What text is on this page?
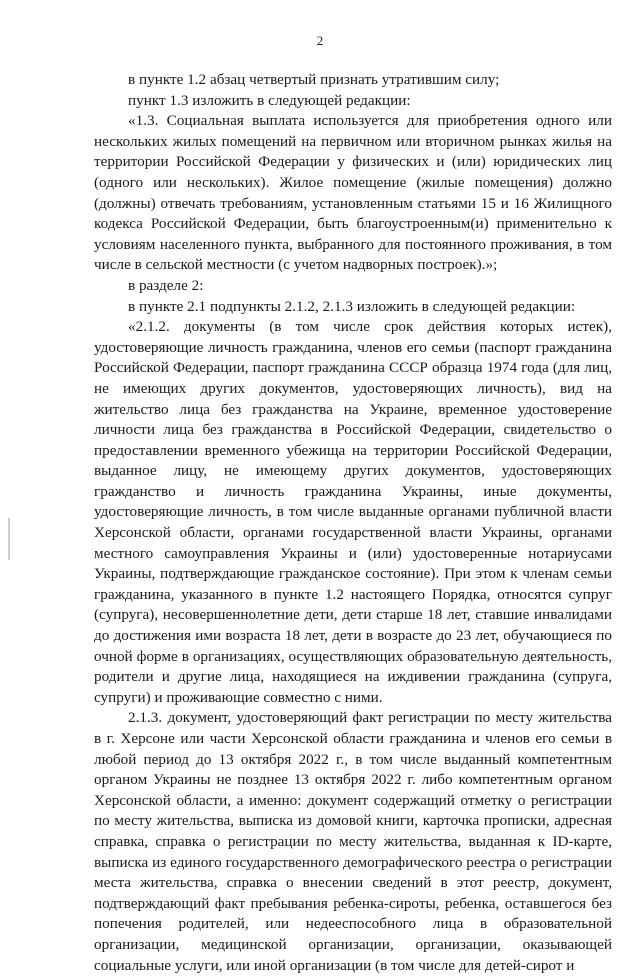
2

в пункте 1.2 абзац четвертый признать утратившим силу;

пункт 1.3 изложить в следующей редакции:

«1.3. Социальная выплата используется для приобретения одного или нескольких жилых помещений на первичном или вторичном рынках жилья на территории Российской Федерации у физических и (или) юридических лиц (одного или нескольких). Жилое помещение (жилые помещения) должно (должны) отвечать требованиям, установленным статьями 15 и 16 Жилищного кодекса Российской Федерации, быть благоустроенным(и) применительно к условиям населенного пункта, выбранного для постоянного проживания, в том числе в сельской местности (с учетом надворных построек).»;

в разделе 2:

в пункте 2.1 подпункты 2.1.2, 2.1.3 изложить в следующей редакции:

«2.1.2. документы (в том числе срок действия которых истек), удостоверяющие личность гражданина, членов его семьи (паспорт гражданина Российской Федерации, паспорт гражданина СССР образца 1974 года (для лиц, не имеющих других документов, удостоверяющих личность), вид на жительство лица без гражданства на Украине, временное удостоверение личности лица без гражданства в Российской Федерации, свидетельство о предоставлении временного убежища на территории Российской Федерации, выданное лицу, не имеющему других документов, удостоверяющих гражданство и личность гражданина Украины, иные документы, удостоверяющие личность, в том числе выданные органами публичной власти Херсонской области, органами государственной власти Украины, органами местного самоуправления Украины и (или) удостоверенные нотариусами Украины, подтверждающие гражданское состояние). При этом к членам семьи гражданина, указанного в пункте 1.2 настоящего Порядка, относятся супруг (супруга), несовершеннолетние дети, дети старше 18 лет, ставшие инвалидами до достижения ими возраста 18 лет, дети в возрасте до 23 лет, обучающиеся по очной форме в организациях, осуществляющих образовательную деятельность, родители и другие лица, находящиеся на иждивении гражданина (супруга, супруги) и проживающие совместно с ними.

2.1.3. документ, удостоверяющий факт регистрации по месту жительства в г. Херсоне или части Херсонской области гражданина и членов его семьи в любой период до 13 октября 2022 г., в том числе выданный компетентным органом Украины не позднее 13 октября 2022 г. либо компетентным органом Херсонской области, а именно: документ содержащий отметку о регистрации по месту жительства, выписка из домовой книги, карточка прописки, адресная справка, справка о регистрации по месту жительства, выданная к ID-карте, выписка из единого государственного демографического реестра о регистрации места жительства, справка о внесении сведений в этот реестр, документ, подтверждающий факт пребывания ребенка-сироты, ребенка, оставшегося без попечения родителей, или недееспособного лица в образовательной организации, медицинской организации, организации, оказывающей социальные услуги, или иной организации (в том числе для детей-сирот и
